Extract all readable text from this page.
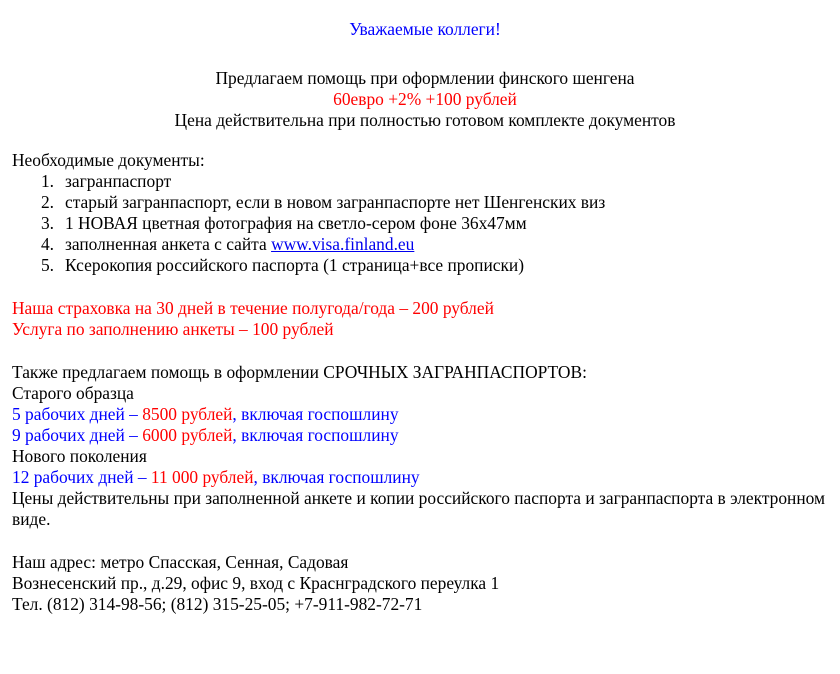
Уважаемые коллеги!
Предлагаем помощь при оформлении финского шенгена
60евро +2% +100 рублей
Цена действительна при полностью готовом комплекте документов
Необходимые документы:
1. загранпаспорт
2. старый загранпаспорт, если в новом загранпаспорте нет Шенгенских виз
3. 1 НОВАЯ цветная фотография на светло-сером фоне 36х47мм
4. заполненная анкета с сайта www.visa.finland.eu
5. Ксерокопия российского паспорта (1 страница+все прописки)
Наша страховка на 30 дней в течение полугода/года – 200 рублей
Услуга по заполнению анкеты – 100 рублей
Также предлагаем помощь в оформлении СРОЧНЫХ ЗАГРАНПАСПОРТОВ:
Старого образца
5 рабочих дней – 8500 рублей, включая госпошлину
9 рабочих дней – 6000 рублей, включая госпошлину
Нового поколения
12 рабочих дней – 11 000 рублей, включая госпошлину
Цены действительны при заполненной анкете и копии российского паспорта и загранпаспорта в электронном виде.
Наш адрес: метро Спасская, Сенная, Садовая
Вознесенский пр., д.29, офис 9, вход с Краснградского переулка 1
Тел. (812) 314-98-56; (812) 315-25-05; +7-911-982-72-71
